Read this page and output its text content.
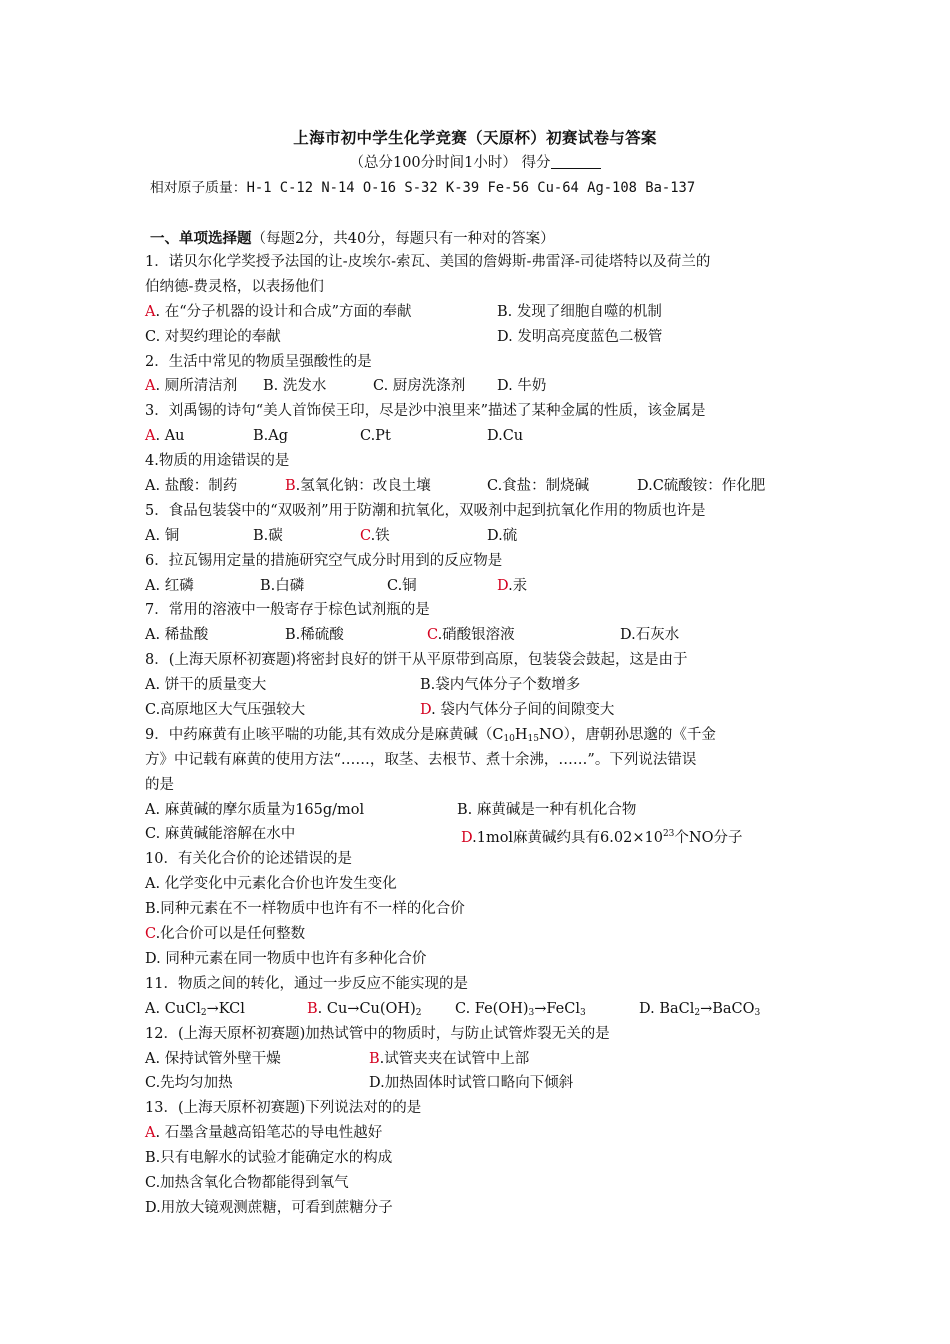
上海市初中学生化学竞赛（天原杯）初赛试卷与答案
（总分100分时间1小时） 得分
相对原子质量：H-1 C-12 N-14 O-16 S-32 K-39 Fe-56 Cu-64 Ag-108 Ba-137
一、单项选择题（每题2分，共40分，每题只有一种对的答案）
1．诺贝尔化学奖授予法国的让-皮埃尔-索瓦、美国的詹姆斯-弗雷泽-司徒塔特以及荷兰的
伯纳德-费灵格，以表扬他们
A. 在“分子机器的设计和合成”方面的奉献	B. 发现了细胞自噬的机制
C. 对契约理论的奉献	D. 发明高亮度蓝色二极管
2．生活中常见的物质呈强酸性的是
A. 厕所清洁剂 B. 洗发水	C. 厨房洗涤剂 D. 牛奶
3．刘禹锡的诗句“美人首饰侯王印，尽是沙中浪里来”描述了某种金属的性质，该金属是
A. Au	B.Ag	C.Pt	D.Cu
4.物质的用途错误的是
A. 盐酸：制药	B.氢氧化钠：改良土壤	C.食盐：制烧碱	D.C硫酸铵：作化肥
5．食品包装袋中的“双吸剂”用于防潮和抗氧化，双吸剂中起到抗氧化作用的物质也许是
A. 铜	B.碳	C.铁	D.硫
6．拉瓦锡用定量的措施研究空气成分时用到的反应物是
A. 红磷	B.白磷	C.铜	D.汞
7．常用的溶液中一般寄存于棕色试剂瓶的是
A. 稀盐酸	B.稀硫酸	C.硝酸银溶液	D.石灰水
8．(上海天原杯初赛题)将密封良好的饼干从平原带到高原，包装袋会鼓起，这是由于
A. 饼干的质量变大	B.袋内气体分子个数增多
C.高原地区大气压强较大	D. 袋内气体分子间的间隙变大
9．中药麻黄有止咳平喘的功能,其有效成分是麻黄碱$(C_{10}H_{15}NO)$，唐朝孙思邈的《千金
方》中记载有麻黄的使用方法“……，取茎、去根节、煮十余沸，……”。下列说法错误
的是
A. 麻黄碱的摩尔质量为165g/mol	B. 麻黄碱是一种有机化合物
C. 麻黄碱能溶解在水中	D.1mol麻黄碱约具有$6.02\times 10^{23}$个NO分子
10．有关化合价的论述错误的是
A. 化学变化中元素化合价也许发生变化
B.同种元素在不一样物质中也许有不一样的化合价
C.化合价可以是任何整数
D. 同种元素在同一物质中也许有多种化合价
11．物质之间的转化，通过一步反应不能实现的是
A. CuCl$_2$→KCl	B. $Cu\to Cu(OH)_2$ C. $Fe(OH)_3\to FeCl_3$	D. BaCl$_2$→BaCO$_3$
12．(上海天原杯初赛题)加热试管中的物质时，与防止试管炸裂无关的是
A. 保持试管外壁干燥	B.试管夹夹在试管中上部
C.先均匀加热	D.加热固体时试管口略向下倾斜
13．(上海天原杯初赛题)下列说法对的的是
A. 石墨含量越高铅笔芯的导电性越好
B.只有电解水的试验才能确定水的构成
C.加热含氧化合物都能得到氧气
D.用放大镜观测蔗糖，可看到蔗糖分子
